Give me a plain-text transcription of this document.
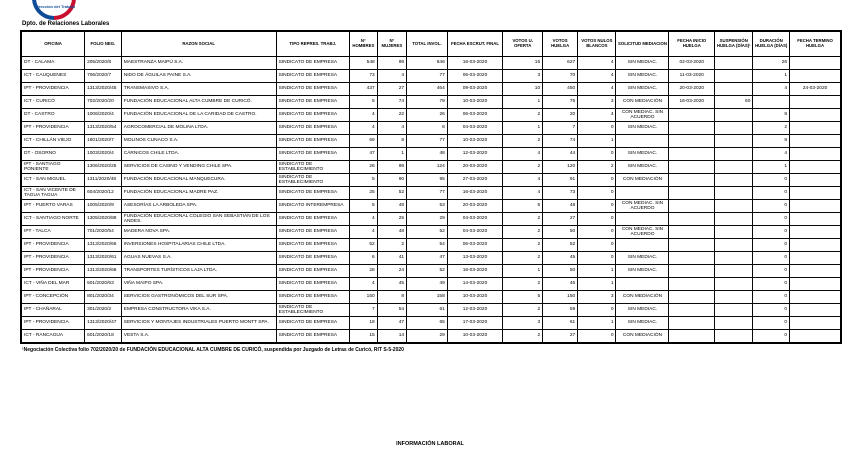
Dirección del Trabajo
Dpto. de Relaciones Laborales
OFICINA	FOLIO NEG.	RAZON SOCIAL	TIPO REPRES. TRABJ.	N° HOMBRES	N° MUJERES	TOTAL INVOL.	FECHA ESCRUT. FINAL	VOTOS U. OFERTA	VOTOS HUELGA	VOTOS NULOS BLANCOS	SOLICITUD MEDIACION	FECHA INICIO HUELGA	SUSPENSIÓN HUELGA (DÍAS)¹	DURACIÓN HUELGA (DÍAS)	FECHA TERMINO HUELGA
DT - CALAMA	205/2020/8	MAESTRANZA MAIPÚ S.A.	SINDICATO DE EMPRESA	548	98	646	16-03-2020	15	627	4	SIN MEDIAC.	02-03-2020		26	
ICT - CAUQUENES	706/2020/7	NIDO DE ÁGUILAS PAINE S.A.	SINDICATO DE EMPRESA	73	4	77	06-03-2020	3	70	4	SIN MEDIAC.	11-03-2020		1	
IPT - PROVIDENCIA	1313/2020/45	TRANSMASIVO S.A.	SINDICATO DE EMPRESA	437	27	464	09-03-2020	10	450	4	SIN MEDIAC.	20-03-2020		4	24-03-2020
ICT - CURICÓ	702/2020/20	FUNDACIÓN EDUCACIONAL ALTA CUMBRE DE CURICÓ.	SINDICATO DE EMPRESA	5	74	79	10-03-2020	1	75	3	CON MEDIACIÓN	16-03-2020	60		
DT - CASTRO	1006/2020/4	FUNDACIÓN EDUCACIONAL DE LA CARIDAD DE CASTRO.	SINDICATO DE EMPRESA	4	22	26	06-03-2020	2	20	4	CON MEDIAC. SIN ACUERDO			8	
IPT - PROVIDENCIA	1313/2020/54	AGROCOMERCIAL DE MOLINA LTDA.	SINDICATO DE EMPRESA	4	4	8	04-03-2020	1	7	0	SIN MEDIAC.			2	
ICT - CHILLÁN VIEJO	1601/2020/7	MOLINOS CUNACO S.A.	SINDICATO DE EMPRESA	69	8	77	10-03-2020	2	74	1				8	
DT - OSORNO	1003/2020/4	CÁRNICOS CHILE LTDA.	SINDICATO DE EMPRESA	47	1	48	12-03-2020	4	44	0	SIN MEDIAC.			4	
IPT - SANTIAGO PONIENTE	1306/2020/25	SERVICIOS DE CASINO Y VENDING CHILE SPA.	SINDICATO DE ESTABLECIMIENTO	26	98	124	20-03-2020	2	120	2	SIN MEDIAC.			1	
ICT - SAN MIGUEL	1311/2020/48	FUNDACIÓN EDUCACIONAL MANQUECURA.	SINDICATO DE ESTABLECIMIENTO	5	90	95	27-03-2020	4	91	0	CON MEDIACIÓN			0	
ICT - SAN VICENTE DE TAGUA TAGUA	604/2020/12	FUNDACIÓN EDUCACIONAL MADRE PAZ.	SINDICATO DE EMPRESA	25	52	77	16-03-2020	4	73	0				0	
IPT - PUERTO VARAS	1005/2020/9	ASESORÍAS LA ARBOLEDA SPA.	SINDICATO INTEREMPRESA	5	48	53	20-03-2020	5	48	0	CON MEDIAC. SIN ACUERDO			0	
ICT - SANTIAGO NORTE	1305/2020/88	FUNDACIÓN EDUCACIONAL COLEGIO SAN SEBASTIÁN DE LOS ANDES.	SINDICATO DE EMPRESA	4	25	29	04-03-2020	2	27	0				0	
IPT - TALCA	701/2020/54	MADERA NOVA SPA.	SINDICATO DE EMPRESA	4	48	52	04-03-2020	2	50	0	CON MEDIAC. SIN ACUERDO			0	
IPT - PROVIDENCIA	1313/2020/66	INVERSIONES HOSPITALARIAS CHILE LTDA.	SINDICATO DE EMPRESA	52	2	54	06-03-2020	2	52	0				0	
IPT - PROVIDENCIA	1313/2020/61	AGUAS NUEVAS S.A.	SINDICATO DE EMPRESA	6	41	47	13-03-2020	2	45	0	SIN MEDIAC.			0	
IPT - PROVIDENCIA	1313/2020/68	TRANSPORTES TURÍSTICOS LAJA LTDA.	SINDICATO DE EMPRESA	28	24	52	16-03-2020	1	50	1	SIN MEDIAC.			0	
ICT - VIÑA DEL MAR	501/2020/63	VIÑA MAIPO SPA.	SINDICATO DE EMPRESA	4	45	49	14-03-2020	2	46	1				0	
IPT - CONCEPCIÓN	801/2020/34	SERVICIOS GASTRONÓMICOS DEL SUR SPA.	SINDICATO DE EMPRESA	150	8	158	10-03-2020	5	150	3	CON MEDIACIÓN			0	
IPT - CHAÑARAL	301/2020/2	EMPRESA CONSTRUCTORA VIKA S.A.	SINDICATO DE ESTABLECIMIENTO	7	54	61	12-03-2020	2	59	0	SIN MEDIAC.			0	
IPT - PROVIDENCIA	1313/2020/47	SERVICIOS Y MONTAJES INDUSTRIALES PUERTO MONTT SPA.	SINDICATO DE EMPRESA	18	47	65	17-03-2020	3	61	1	SIN MEDIAC.			0	
ICT - RANCAGUA	601/2020/18	VESTA S.A.	SINDICATO DE EMPRESA	15	14	29	10-03-2020	2	27	0	CON MEDIACIÓN			0	
¹Negociación Colectiva folio 702/2020/20 de FUNDACIÓN EDUCACIONAL ALTA CUMBRE DE CURICÓ, suspendida por Juzgado de Letras de Curicó, RIT S-5-2020
INFORMACIÓN LABORAL
